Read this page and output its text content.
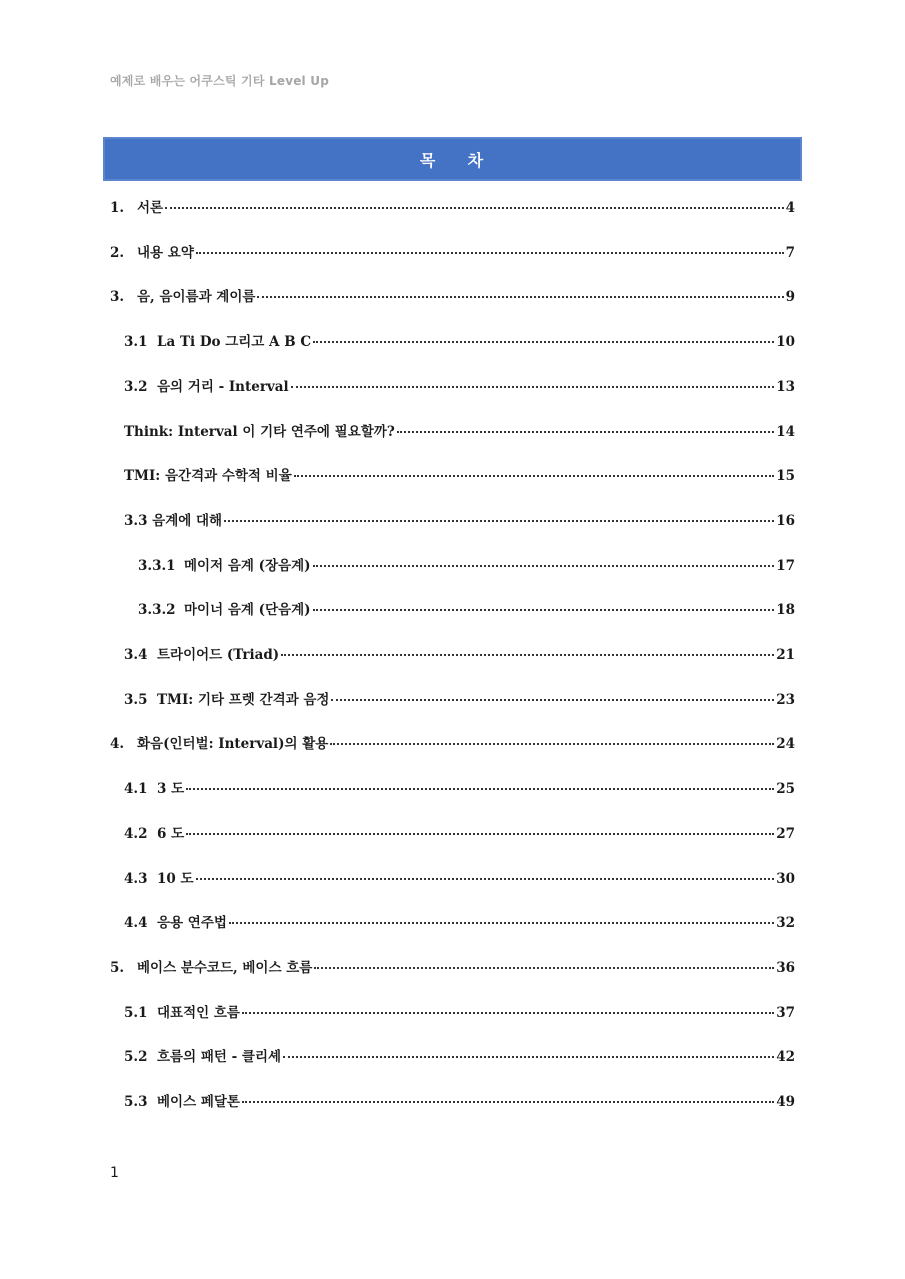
예제로 배우는 어쿠스틱 기타 Level Up
목    차
1. 서론	4
2. 내용 요약	7
3. 음, 음이름과 계이름	9
3.1 La Ti Do 그리고 A B C	10
3.2 음의 거리 - Interval	13
Think: Interval 이 기타 연주에 필요할까?	14
TMI: 음간격과 수학적 비율	15
3.3 음계에 대해	16
3.3.1 메이저 음계 (장음계)	17
3.3.2 마이너 음계 (단음계)	18
3.4 트라이어드 (Triad)	21
3.5 TMI: 기타 프렛 간격과 음정	23
4. 화음(인터벌: Interval)의 활용	24
4.1 3 도	25
4.2 6 도	27
4.3 10 도	30
4.4 응용 연주법	32
5. 베이스 분수코드, 베이스 흐름	36
5.1 대표적인 흐름	37
5.2 흐름의 패턴 - 클리셰	42
5.3 베이스 페달톤	49
1
